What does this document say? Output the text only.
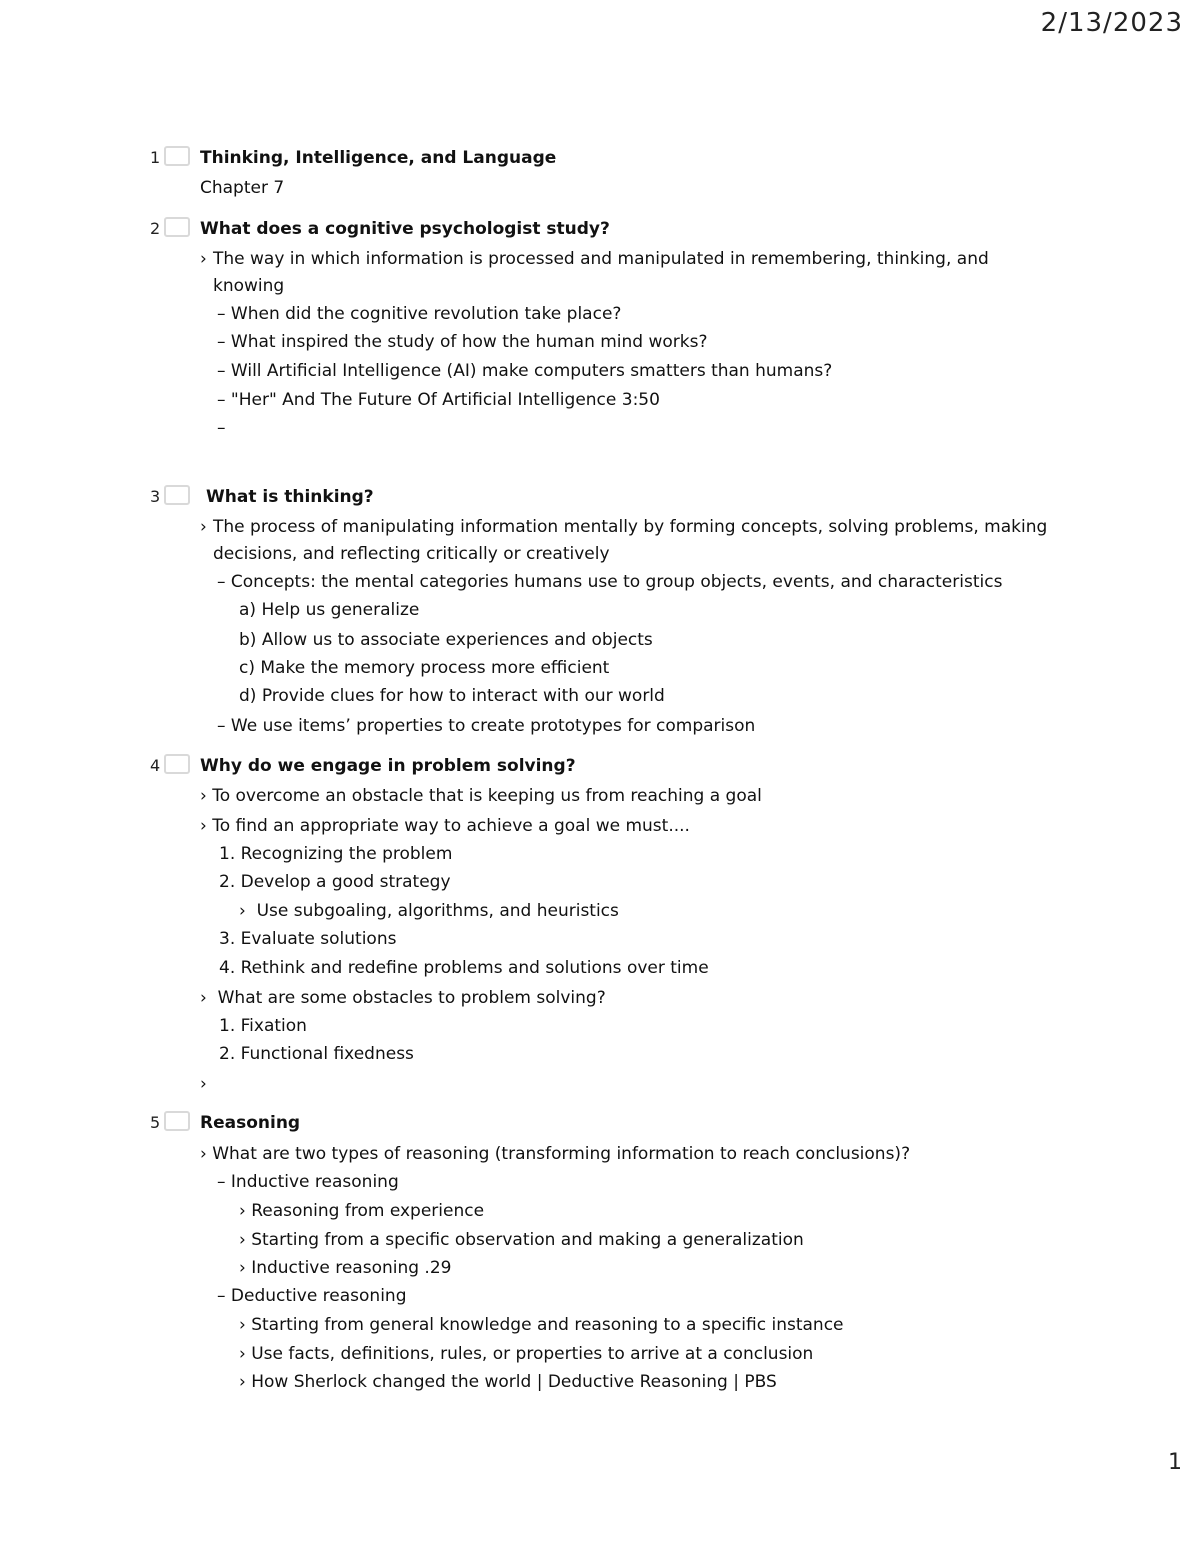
2/13/2023
1 Thinking, Intelligence, and Language
Chapter 7
2 What does a cognitive psychologist study?
› The way in which information is processed and manipulated in remembering, thinking, and knowing
– When did the cognitive revolution take place?
– What inspired the study of how the human mind works?
– Will Artificial Intelligence (AI) make computers smatters than humans?
– "Her" And The Future Of Artificial Intelligence 3:50
–
3	What is thinking?
› The process of manipulating information mentally by forming concepts, solving problems, making decisions, and reflecting critically or creatively
– Concepts: the mental categories humans use to group objects, events, and characteristics
a) Help us generalize
b) Allow us to associate experiences and objects
c) Make the memory process more efficient
d) Provide clues for how to interact with our world
– We use items’ properties to create prototypes for comparison
4 Why do we engage in problem solving?
› To overcome an obstacle that is keeping us from reaching a goal
› To find an appropriate way to achieve a goal we must....
1. Recognizing the problem
2. Develop a good strategy
›  Use subgoaling, algorithms, and heuristics
3. Evaluate solutions
4. Rethink and redefine problems and solutions over time
›  What are some obstacles to problem solving?
1. Fixation
2. Functional fixedness
›
5 Reasoning
› What are two types of reasoning (transforming information to reach conclusions)?
– Inductive reasoning
› Reasoning from experience
› Starting from a specific observation and making a generalization
› Inductive reasoning .29
– Deductive reasoning
› Starting from general knowledge and reasoning to a specific instance
› Use facts, definitions, rules, or properties to arrive at a conclusion
› How Sherlock changed the world | Deductive Reasoning | PBS
1
